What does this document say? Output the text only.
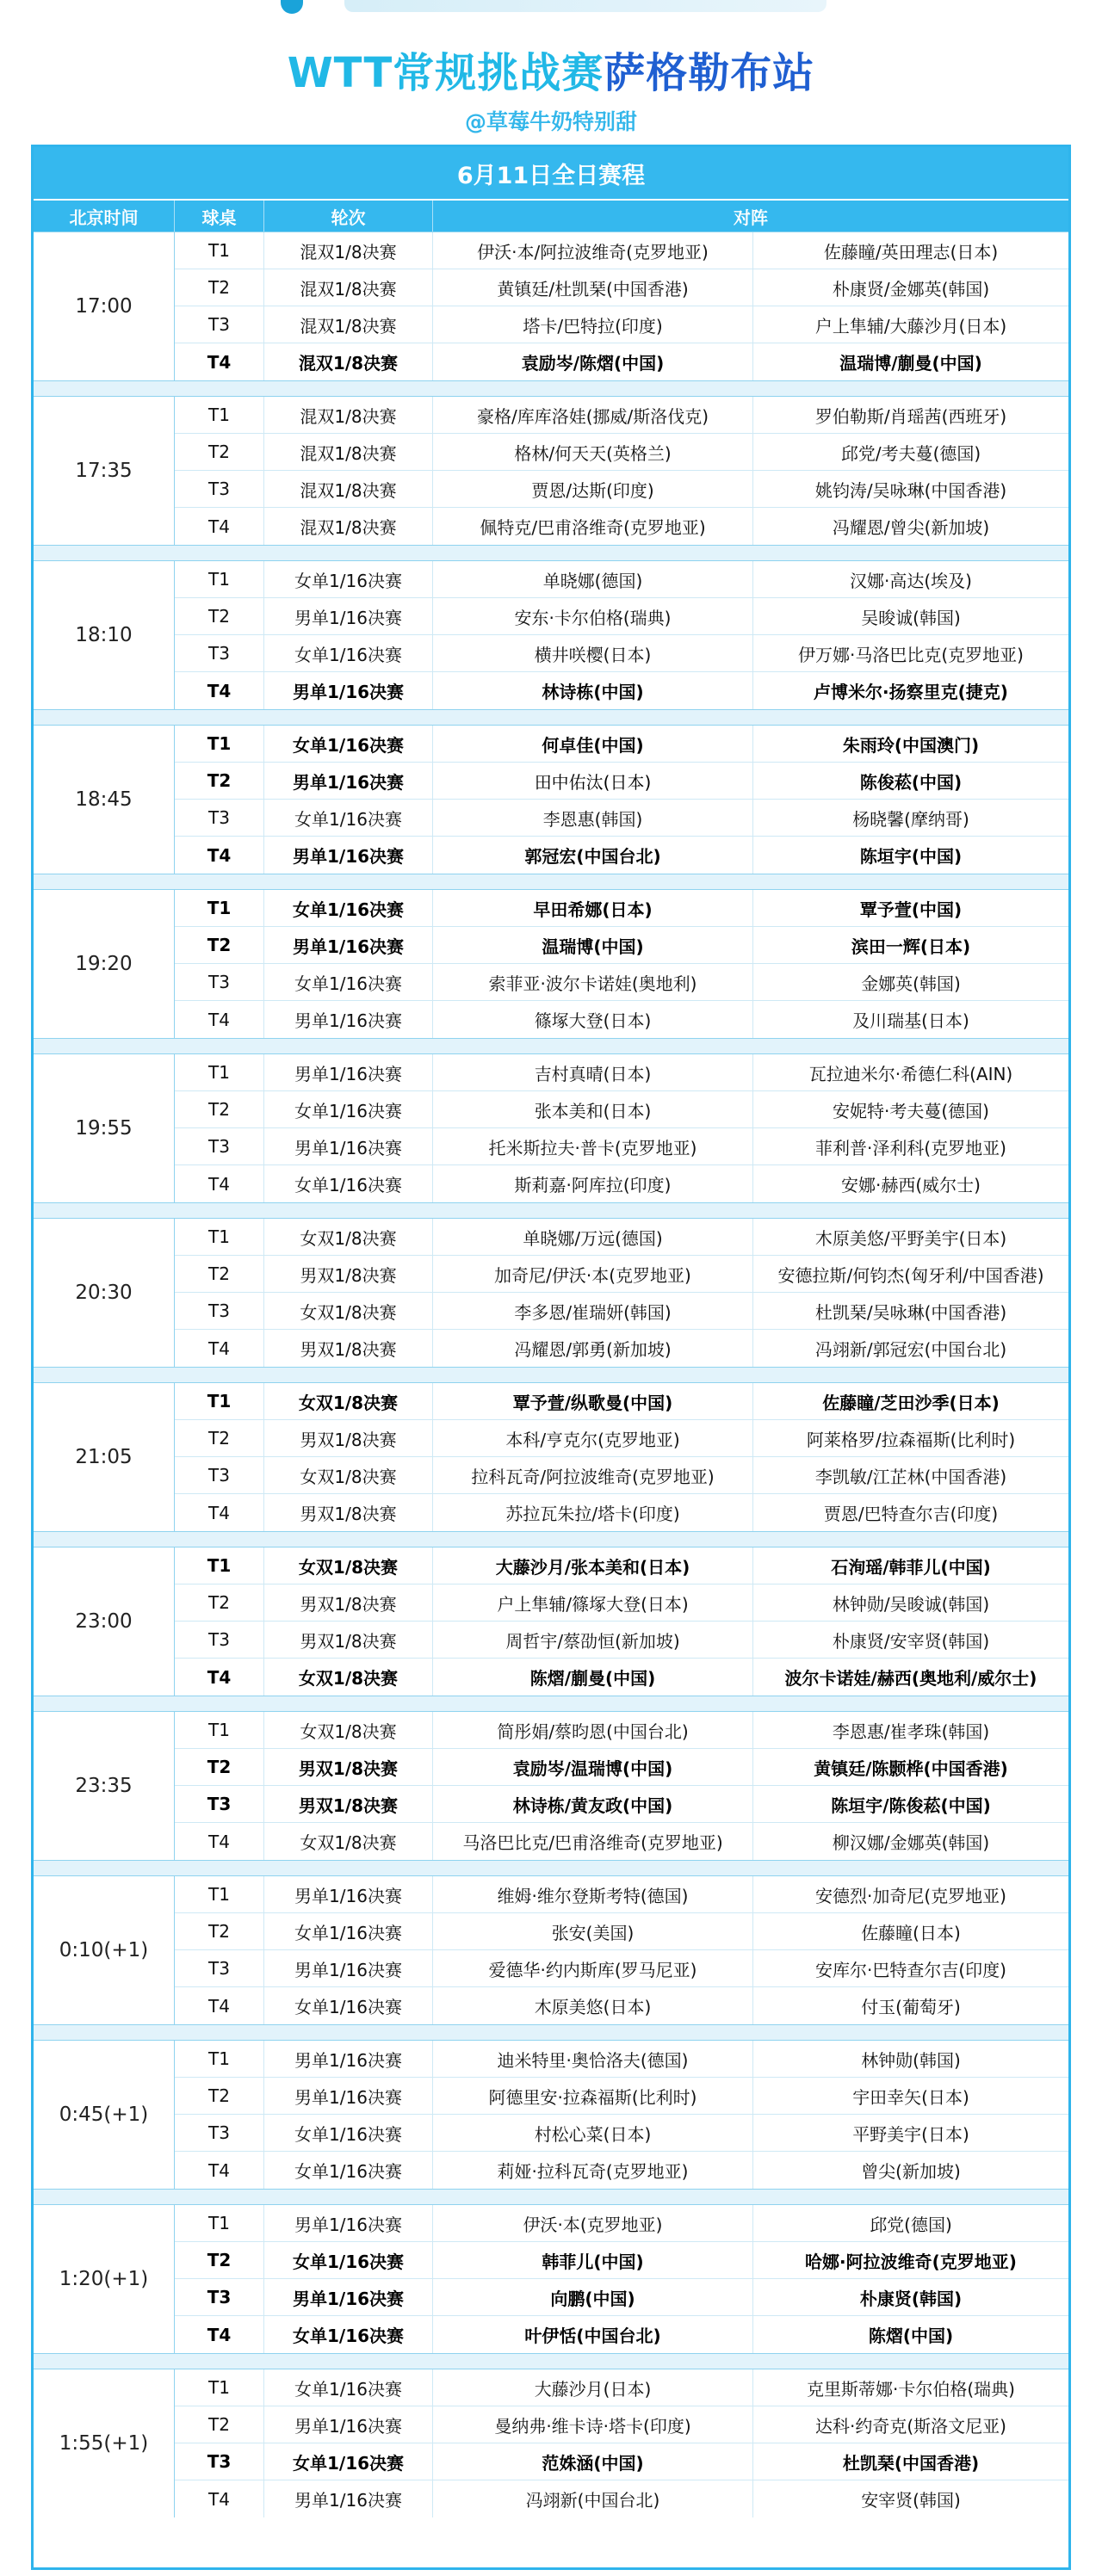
WTT常规挑战赛萨格勒布站
@草莓牛奶特别甜
6月11日全日赛程
北京时间	球桌	轮次	对阵
17:00
T1	混双1/8决赛	伊沃·本/阿拉波维奇(克罗地亚)	佐藤瞳/英田理志(日本)
T2	混双1/8决赛	黄镇廷/杜凯琹(中国香港)	朴康贤/金娜英(韩国)
T3	混双1/8决赛	塔卡/巴特拉(印度)	户上隼辅/大藤沙月(日本)
T4	混双1/8决赛	袁励岑/陈熠(中国)	温瑞博/蒯曼(中国)
17:35
T1	混双1/8决赛	豪格/库库洛娃(挪威/斯洛伐克)	罗伯勒斯/肖瑶茜(西班牙)
T2	混双1/8决赛	格林/何天天(英格兰)	邱党/考夫蔓(德国)
T3	混双1/8决赛	贾恩/达斯(印度)	姚钧涛/吴咏琳(中国香港)
T4	混双1/8决赛	佩特克/巴甫洛维奇(克罗地亚)	冯耀恩/曾尖(新加坡)
18:10
T1	女单1/16决赛	单晓娜(德国)	汉娜·高达(埃及)
T2	男单1/16决赛	安东·卡尔伯格(瑞典)	吴晙诚(韩国)
T3	女单1/16决赛	横井咲樱(日本)	伊万娜·马洛巴比克(克罗地亚)
T4	男单1/16决赛	林诗栋(中国)	卢博米尔·扬察里克(捷克)
18:45
T1	女单1/16决赛	何卓佳(中国)	朱雨玲(中国澳门)
T2	男单1/16决赛	田中佑汰(日本)	陈俊菘(中国)
T3	女单1/16决赛	李恩惠(韩国)	杨晓馨(摩纳哥)
T4	男单1/16决赛	郭冠宏(中国台北)	陈垣宇(中国)
19:20
T1	女单1/16决赛	早田希娜(日本)	覃予萱(中国)
T2	男单1/16决赛	温瑞博(中国)	滨田一辉(日本)
T3	女单1/16决赛	索菲亚·波尔卡诺娃(奥地利)	金娜英(韩国)
T4	男单1/16决赛	篠塚大登(日本)	及川瑞基(日本)
19:55
T1	男单1/16决赛	吉村真晴(日本)	瓦拉迪米尔·希德仁科(AIN)
T2	女单1/16决赛	张本美和(日本)	安妮特·考夫蔓(德国)
T3	男单1/16决赛	托米斯拉夫·普卡(克罗地亚)	菲利普·泽利科(克罗地亚)
T4	女单1/16决赛	斯莉嘉·阿库拉(印度)	安娜·赫西(威尔士)
20:30
T1	女双1/8决赛	单晓娜/万远(德国)	木原美悠/平野美宇(日本)
T2	男双1/8决赛	加奇尼/伊沃·本(克罗地亚)	安德拉斯/何钧杰(匈牙利/中国香港)
T3	女双1/8决赛	李多恩/崔瑞妍(韩国)	杜凯琹/吴咏琳(中国香港)
T4	男双1/8决赛	冯耀恩/郭勇(新加坡)	冯翊新/郭冠宏(中国台北)
21:05
T1	女双1/8决赛	覃予萱/纵歌曼(中国)	佐藤瞳/芝田沙季(日本)
T2	男双1/8决赛	本科/亨克尔(克罗地亚)	阿莱格罗/拉森福斯(比利时)
T3	女双1/8决赛	拉科瓦奇/阿拉波维奇(克罗地亚)	李凯敏/江芷林(中国香港)
T4	男双1/8决赛	苏拉瓦朱拉/塔卡(印度)	贾恩/巴特查尔吉(印度)
23:00
T1	女双1/8决赛	大藤沙月/张本美和(日本)	石洵瑶/韩菲儿(中国)
T2	男双1/8决赛	户上隼辅/篠塚大登(日本)	林钟勋/吴晙诚(韩国)
T3	男双1/8决赛	周哲宇/蔡劭恒(新加坡)	朴康贤/安宰贤(韩国)
T4	女双1/8决赛	陈熠/蒯曼(中国)	波尔卡诺娃/赫西(奥地利/威尔士)
23:35
T1	女双1/8决赛	简彤娟/蔡昀恩(中国台北)	李恩惠/崔孝珠(韩国)
T2	男双1/8决赛	袁励岑/温瑞博(中国)	黄镇廷/陈颢桦(中国香港)
T3	男双1/8决赛	林诗栋/黄友政(中国)	陈垣宇/陈俊菘(中国)
T4	女双1/8决赛	马洛巴比克/巴甫洛维奇(克罗地亚)	柳汉娜/金娜英(韩国)
0:10(+1)
T1	男单1/16决赛	维姆·维尔登斯考特(德国)	安德烈·加奇尼(克罗地亚)
T2	女单1/16决赛	张安(美国)	佐藤瞳(日本)
T3	男单1/16决赛	爱德华·约内斯库(罗马尼亚)	安库尔·巴特查尔吉(印度)
T4	女单1/16决赛	木原美悠(日本)	付玉(葡萄牙)
0:45(+1)
T1	男单1/16决赛	迪米特里·奥恰洛夫(德国)	林钟勋(韩国)
T2	男单1/16决赛	阿德里安·拉森福斯(比利时)	宇田幸矢(日本)
T3	女单1/16决赛	村松心菜(日本)	平野美宇(日本)
T4	女单1/16决赛	莉娅·拉科瓦奇(克罗地亚)	曾尖(新加坡)
1:20(+1)
T1	男单1/16决赛	伊沃·本(克罗地亚)	邱党(德国)
T2	女单1/16决赛	韩菲儿(中国)	哈娜·阿拉波维奇(克罗地亚)
T3	男单1/16决赛	向鹏(中国)	朴康贤(韩国)
T4	女单1/16决赛	叶伊恬(中国台北)	陈熠(中国)
1:55(+1)
T1	女单1/16决赛	大藤沙月(日本)	克里斯蒂娜·卡尔伯格(瑞典)
T2	男单1/16决赛	曼纳弗·维卡诗·塔卡(印度)	达科·约奇克(斯洛文尼亚)
T3	女单1/16决赛	范姝涵(中国)	杜凯琹(中国香港)
T4	男单1/16决赛	冯翊新(中国台北)	安宰贤(韩国)
